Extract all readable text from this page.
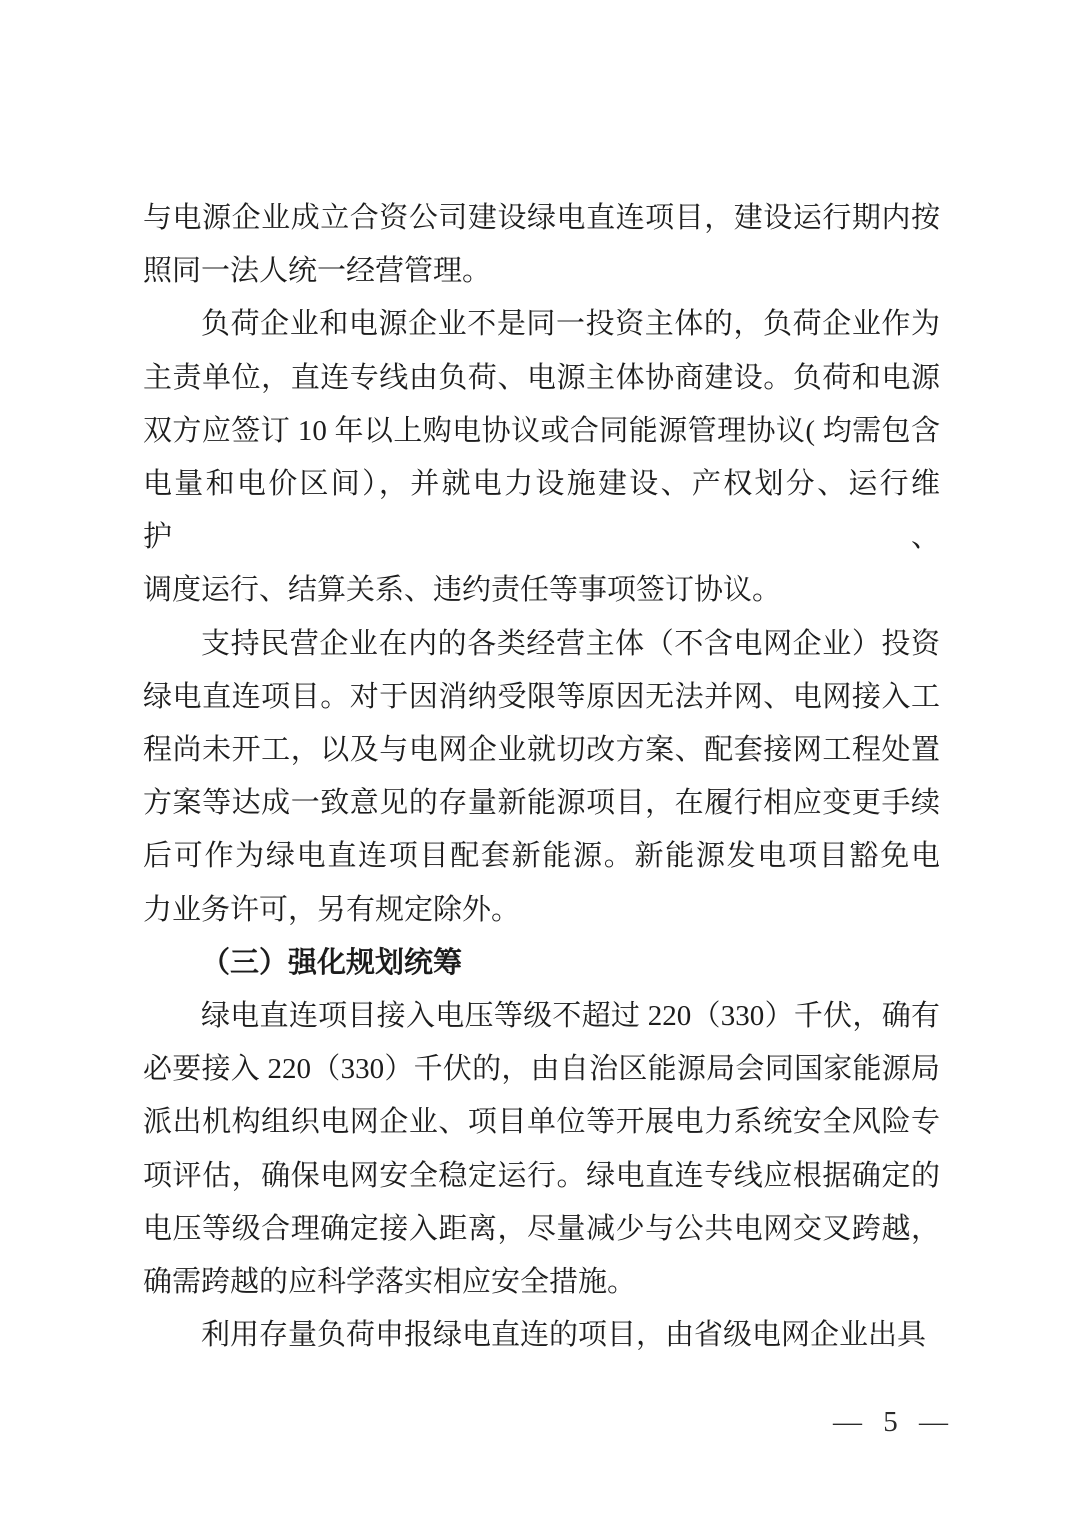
与电源企业成立合资公司建设绿电直连项目，建设运行期内按
照同一法人统一经营管理。
负荷企业和电源企业不是同一投资主体的，负荷企业作为
主责单位，直连专线由负荷、电源主体协商建设。负荷和电源
双方应签订 10 年以上购电协议或合同能源管理协议( 均需包含
电量和电价区间），并就电力设施建设、产权划分、运行维护、
调度运行、结算关系、违约责任等事项签订协议。
支持民营企业在内的各类经营主体（不含电网企业）投资
绿电直连项目。对于因消纳受限等原因无法并网、电网接入工
程尚未开工，以及与电网企业就切改方案、配套接网工程处置
方案等达成一致意见的存量新能源项目，在履行相应变更手续
后可作为绿电直连项目配套新能源。新能源发电项目豁免电
力业务许可，另有规定除外。
（三）强化规划统筹
绿电直连项目接入电压等级不超过 220（330）千伏，确有
必要接入 220（330）千伏的，由自治区能源局会同国家能源局
派出机构组织电网企业、项目单位等开展电力系统安全风险专
项评估，确保电网安全稳定运行。绿电直连专线应根据确定的
电压等级合理确定接入距离，尽量减少与公共电网交叉跨越，
确需跨越的应科学落实相应安全措施。
利用存量负荷申报绿电直连的项目，由省级电网企业出具
— 5 —
